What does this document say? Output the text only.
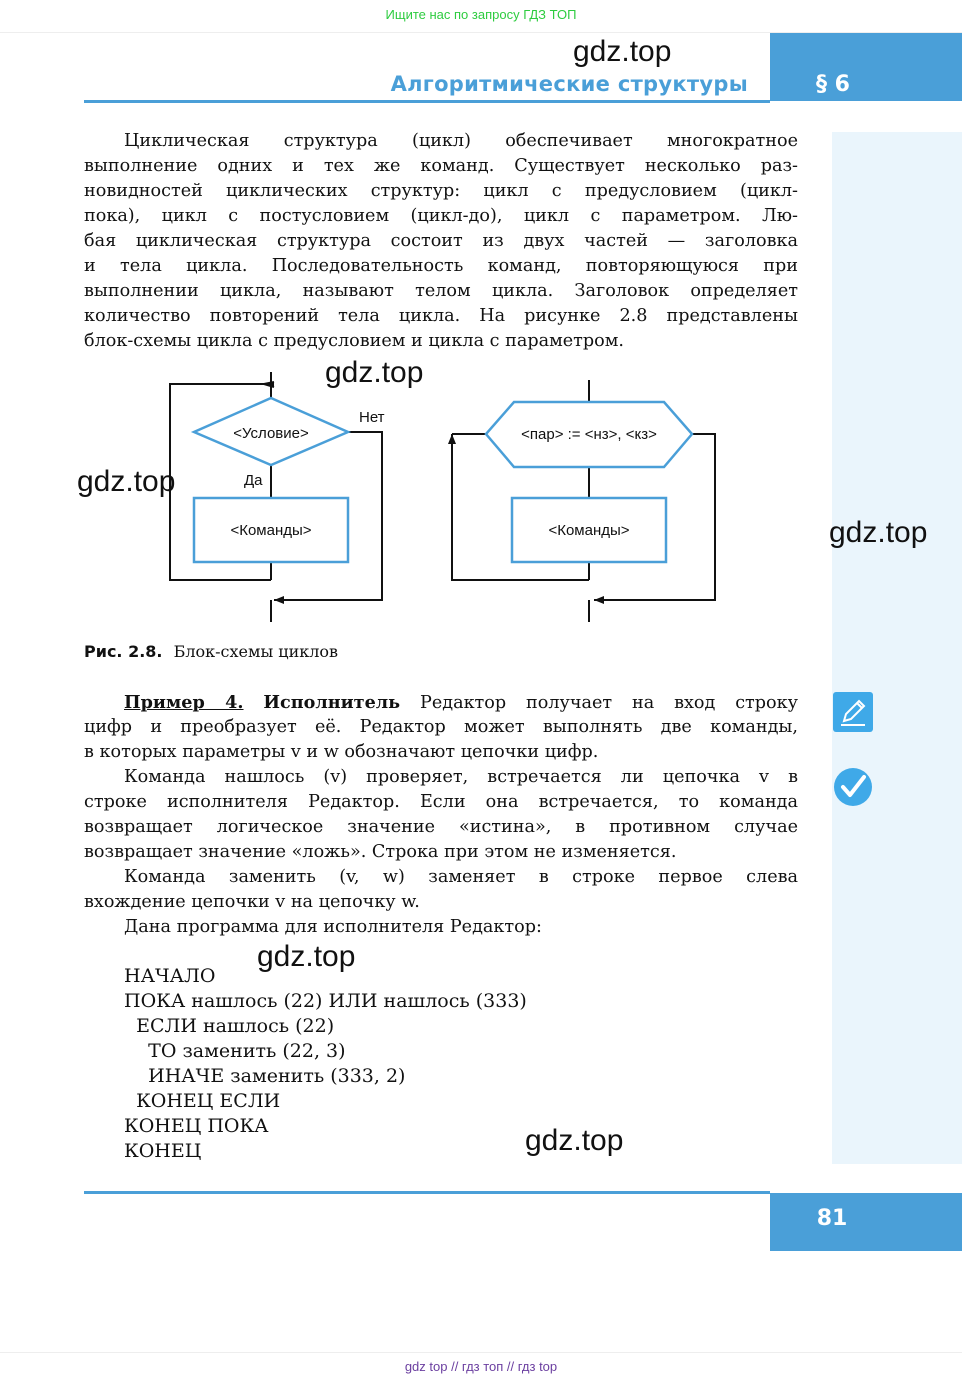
Ищите нас по запросу ГДЗ ТОП
§ 6
Алгоритмические структуры
gdz.top
Циклическая структура (цикл) обеспечивает многократное
выполнение одних и тех же команд. Существует несколько раз-
новидностей циклических структур: цикл с предусловием (цикл-
пока), цикл с постусловием (цикл-до), цикл с параметром. Лю-
бая циклическая структура состоит из двух частей — заголовка
и тела цикла. Последовательность команд, повторяющуюся при
выполнении цикла, называют телом цикла. Заголовок определяет
количество повторений тела цикла. На рисунке 2.8 представлены
блок-схемы цикла с предусловием и цикла с параметром.
<Условие>
Нет
Да
<Команды>
<пар> := <нз>, <кз>
<Команды>
gdz.top
gdz.top
gdz.top
Рис. 2.8. Блок-схемы циклов
Пример 4. Исполнитель Редактор получает на вход строку
цифр и преобразует её. Редактор может выполнять две команды,
в которых параметры v и w обозначают цепочки цифр.
Команда нашлось (v) проверяет, встречается ли цепочка v в
строке исполнителя Редактор. Если она встречается, то команда
возвращает логическое значение «истина», в противном случае
возвращает значение «ложь». Строка при этом не изменяется.
Команда заменить (v, w) заменяет в строке первое слева
вхождение цепочки v на цепочку w.
Дана программа для исполнителя Редактор:
gdz.top
НАЧАЛО
ПОКА нашлось (22) ИЛИ нашлось (333)
ЕСЛИ нашлось (22)
ТО заменить (22, 3)
ИНАЧЕ заменить (333, 2)
КОНЕЦ ЕСЛИ
КОНЕЦ ПОКА
КОНЕЦ	gdz.top
81
gdz top // гдз топ // гдз top
